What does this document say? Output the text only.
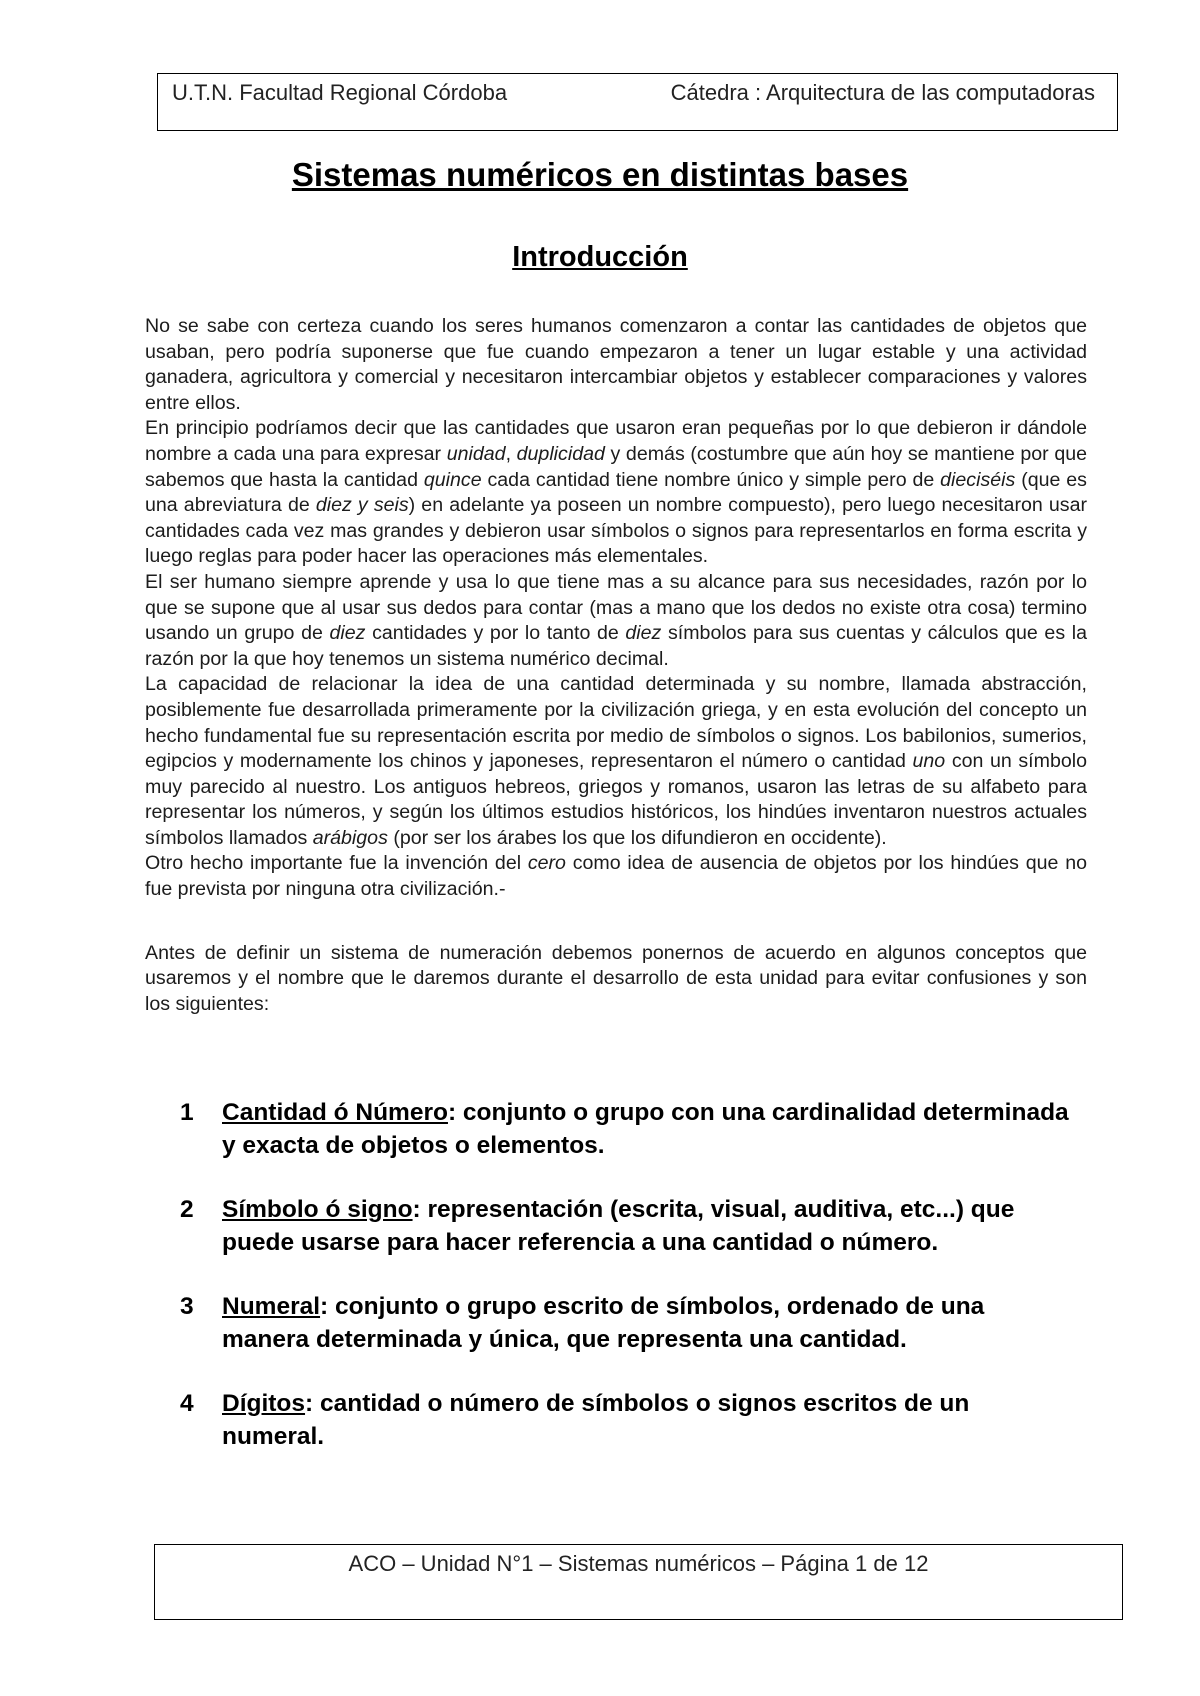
U.T.N. Facultad Regional Córdoba	Cátedra : Arquitectura de las computadoras
Sistemas numéricos en distintas bases
Introducción

No se sabe con certeza cuando los seres humanos comenzaron a contar las cantidades de objetos que usaban, pero podría suponerse que fue cuando empezaron a tener un lugar estable y una actividad ganadera, agricultora y comercial y necesitaron intercambiar objetos y establecer comparaciones y valores entre ellos.

En principio podríamos decir que las cantidades que usaron eran pequeñas por lo que debieron ir dándole nombre a cada una para expresar unidad, duplicidad y demás (costumbre que aún hoy se mantiene por que sabemos que hasta la cantidad quince cada cantidad tiene nombre único y simple pero de dieciséis (que es una abreviatura de diez y seis) en adelante ya poseen un nombre compuesto), pero luego necesitaron usar cantidades cada vez mas grandes y debieron usar símbolos o signos para representarlos en forma escrita y luego reglas para poder hacer las operaciones más elementales.

El ser humano siempre aprende y usa lo que tiene mas a su alcance para sus necesidades, razón por lo que se supone que al usar sus dedos para contar (mas a mano que los dedos no existe otra cosa) termino usando un grupo de diez cantidades y por lo tanto de diez símbolos para sus cuentas y cálculos que es la razón por la que hoy tenemos un sistema numérico decimal.

La capacidad de relacionar la idea de una cantidad determinada y su nombre, llamada abstracción, posiblemente fue desarrollada primeramente por la civilización griega, y en esta evolución del concepto un hecho fundamental fue su representación escrita por medio de símbolos o signos. Los babilonios, sumerios, egipcios y modernamente los chinos y japoneses, representaron el número o cantidad uno con un símbolo muy parecido al nuestro. Los antiguos hebreos, griegos y romanos, usaron las letras de su alfabeto para representar los números, y según los últimos estudios históricos, los hindúes inventaron nuestros actuales símbolos llamados arábigos (por ser los árabes los que los difundieron en occidente).

Otro hecho importante fue la invención del cero como idea de ausencia de objetos por los hindúes que no fue prevista por ninguna otra civilización.-

Antes de definir un sistema de numeración debemos ponernos de acuerdo en algunos conceptos que usaremos y el nombre que le daremos durante el desarrollo de esta unidad para evitar confusiones y son los siguientes:

1 Cantidad ó Número: conjunto o grupo con una cardinalidad determinada y exacta de objetos o elementos.
2 Símbolo ó signo: representación (escrita, visual, auditiva, etc...) que puede usarse para hacer referencia a una cantidad o número.
3 Numeral: conjunto o grupo escrito de símbolos, ordenado de una manera determinada y única, que representa una cantidad.
4 Dígitos: cantidad o número de símbolos o signos escritos de un numeral.
ACO – Unidad N°1 – Sistemas numéricos – Página 1 de 12
